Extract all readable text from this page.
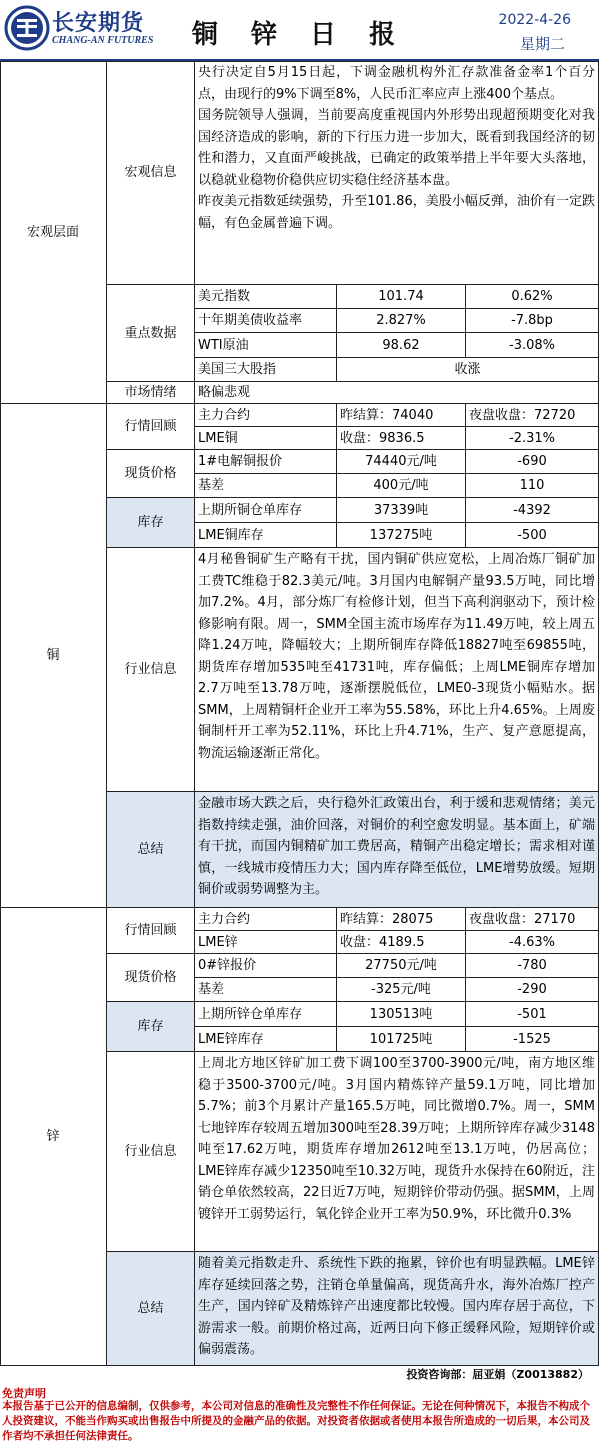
长安期货
CHANG-AN FUTURES	铜 锌 日 报	2022-4-26
星期二
宏观层面
宏观信息
央行决定自5月15日起，下调金融机构外汇存款准备金率1个百分点，由现行的9%下调至8%，人民币汇率应声上涨400个基点。
国务院领导人强调，当前要高度重视国内外形势出现超预期变化对我国经济造成的影响，新的下行压力进一步加大，既看到我国经济的韧性和潜力，又直面严峻挑战，已确定的政策举措上半年要大头落地，以稳就业稳物价稳供应切实稳住经济基本盘。
昨夜美元指数延续强势，升至101.86，美股小幅反弹，油价有一定跌幅，有色金属普遍下调。
重点数据
美元指数	101.74	0.62%
十年期美债收益率	2.827%	-7.8bp
WTI原油	98.62	-3.08%
美国三大股指	收涨
市场情绪	略偏悲观
铜
行情回顾
主力合约	昨结算：74040	夜盘收盘：72720
LME铜	收盘：9836.5	-2.31%
现货价格
1#电解铜报价	74440元/吨	-690
基差	400元/吨	110
库存
上期所铜仓单库存	37339吨	-4392
LME铜库存	137275吨	-500
行业信息
4月秘鲁铜矿生产略有干扰，国内铜矿供应宽松，上周冶炼厂铜矿加工费TC维稳于82.3美元/吨。3月国内电解铜产量93.5万吨，同比增加7.2%。4月，部分炼厂有检修计划，但当下高利润驱动下，预计检修影响有限。周一，SMM全国主流市场库存为11.49万吨，较上周五降1.24万吨，降幅较大；上期所铜库存降低18827吨至69855吨，期货库存增加535吨至41731吨，库存偏低；上周LME铜库存增加2.7万吨至13.78万吨，逐渐摆脱低位，LME0-3现货小幅贴水。据SMM，上周精铜杆企业开工率为55.58%，环比上升4.65%。上周废铜制杆开工率为52.11%，环比上升4.71%，生产、复产意愿提高，物流运输逐渐正常化。
总结
金融市场大跌之后，央行稳外汇政策出台，利于缓和悲观情绪；美元指数持续走强，油价回落，对铜价的利空愈发明显。基本面上，矿端有干扰，而国内铜精矿加工费居高，精铜产出稳定增长；需求相对谨慎，一线城市疫情压力大；国内库存降至低位，LME增势放缓。短期铜价或弱势调整为主。
锌
行情回顾
主力合约	昨结算：28075	夜盘收盘：27170
LME锌	收盘：4189.5	-4.63%
现货价格
0#锌报价	27750元/吨	-780
基差	-325元/吨	-290
库存
上期所锌仓单库存	130513吨	-501
LME锌库存	101725吨	-1525
行业信息
上周北方地区锌矿加工费下调100至3700-3900元/吨，南方地区维稳于3500-3700元/吨。3月国内精炼锌产量59.1万吨，同比增加5.7%；前3个月累计产量165.5万吨，同比微增0.7%。周一，SMM七地锌库存较周五增加300吨至28.39万吨；上期所锌库存减少3148吨至17.62万吨，期货库存增加2612吨至13.1万吨，仍居高位；LME锌库存减少12350吨至10.32万吨，现货升水保持在60附近，注销仓单依然较高，22日近7万吨，短期锌价带动仍强。据SMM，上周镀锌开工弱势运行，氧化锌企业开工率为50.9%，环比微升0.3%
总结
随着美元指数走升、系统性下跌的拖累，锌价也有明显跌幅。LME锌库存延续回落之势，注销仓单量偏高，现货高升水，海外冶炼厂控产生产，国内锌矿及精炼锌产出速度都比较慢。国内库存居于高位，下游需求一般。前期价格过高，近两日向下修正缓释风险，短期锌价或偏弱震荡。
投资咨询部：屈亚娟（Z0013882）
免责声明
本报告基于已公开的信息编制，仅供参考，本公司对信息的准确性及完整性不作任何保证。无论在何种情况下，本报告不构成个人投资建议，不能当作购买或出售报告中所提及的金融产品的依据。对投资者依据或者使用本报告所造成的一切后果，本公司及作者均不承担任何法律责任。
